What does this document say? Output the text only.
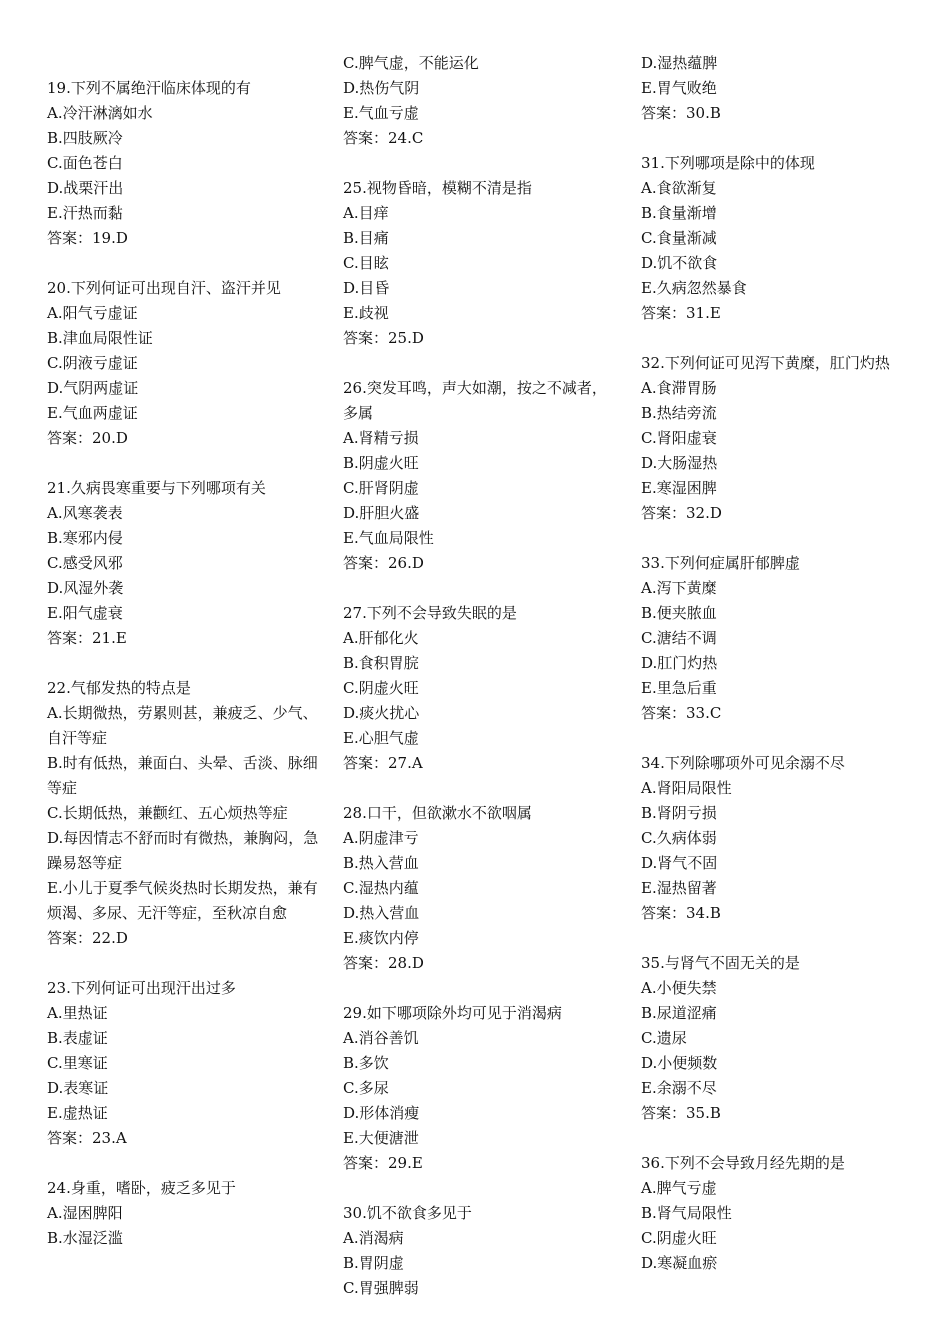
19.下列不属绝汗临床体现的有
A.冷汗淋漓如水
B.四肢厥冷
C.面色苍白
D.战栗汗出
E.汗热而黏
答案：19.D
20.下列何证可出现自汗、盗汗并见
A.阳气亏虚证
B.津血局限性证
C.阴液亏虚证
D.气阴两虚证
E.气血两虚证
答案：20.D
21.久病畏寒重要与下列哪项有关
A.风寒袭表
B.寒邪内侵
C.感受风邪
D.风湿外袭
E.阳气虚衰
答案：21.E
22.气郁发热的特点是
A.长期微热，劳累则甚，兼疲乏、少气、自汗等症
B.时有低热，兼面白、头晕、舌淡、脉细等症
C.长期低热，兼颧红、五心烦热等症
D.每因情志不舒而时有微热，兼胸闷，急躁易怒等症
E.小儿于夏季气候炎热时长期发热，兼有烦渴、多尿、无汗等症，至秋凉自愈
答案：22.D
23.下列何证可出现汗出过多
A.里热证
B.表虚证
C.里寒证
D.表寒证
E.虚热证
答案：23.A
24.身重，嗜卧，疲乏多见于
A.湿困脾阳
B.水湿泛滥
C.脾气虚，不能运化
D.热伤气阴
E.气血亏虚
答案：24.C
25.视物昏暗，模糊不清是指
A.目痒
B.目痛
C.目眩
D.目昏
E.歧视
答案：25.D
26.突发耳鸣，声大如潮，按之不减者，多属
A.肾精亏损
B.阴虚火旺
C.肝肾阴虚
D.肝胆火盛
E.气血局限性
答案：26.D
27.下列不会导致失眠的是
A.肝郁化火
B.食积胃脘
C.阴虚火旺
D.痰火扰心
E.心胆气虚
答案：27.A
28.口干，但欲漱水不欲咽属
A.阴虚津亏
B.热入营血
C.湿热内蕴
D.热入营血
E.痰饮内停
答案：28.D
29.如下哪项除外均可见于消渴病
A.消谷善饥
B.多饮
C.多尿
D.形体消瘦
E.大便溏泄
答案：29.E
30.饥不欲食多见于
A.消渴病
B.胃阴虚
C.胃强脾弱
D.湿热蕴脾
E.胃气败绝
答案：30.B
31.下列哪项是除中的体现
A.食欲渐复
B.食量渐增
C.食量渐减
D.饥不欲食
E.久病忽然暴食
答案：31.E
32.下列何证可见泻下黄糜，肛门灼热
A.食滞胃肠
B.热结旁流
C.肾阳虚衰
D.大肠湿热
E.寒湿困脾
答案：32.D
33.下列何症属肝郁脾虚
A.泻下黄糜
B.便夹脓血
C.溏结不调
D.肛门灼热
E.里急后重
答案：33.C
34.下列除哪项外可见余溺不尽
A.肾阳局限性
B.肾阴亏损
C.久病体弱
D.肾气不固
E.湿热留著
答案：34.B
35.与肾气不固无关的是
A.小便失禁
B.尿道涩痛
C.遗尿
D.小便频数
E.余溺不尽
答案：35.B
36.下列不会导致月经先期的是
A.脾气亏虚
B.肾气局限性
C.阴虚火旺
D.寒凝血瘀
